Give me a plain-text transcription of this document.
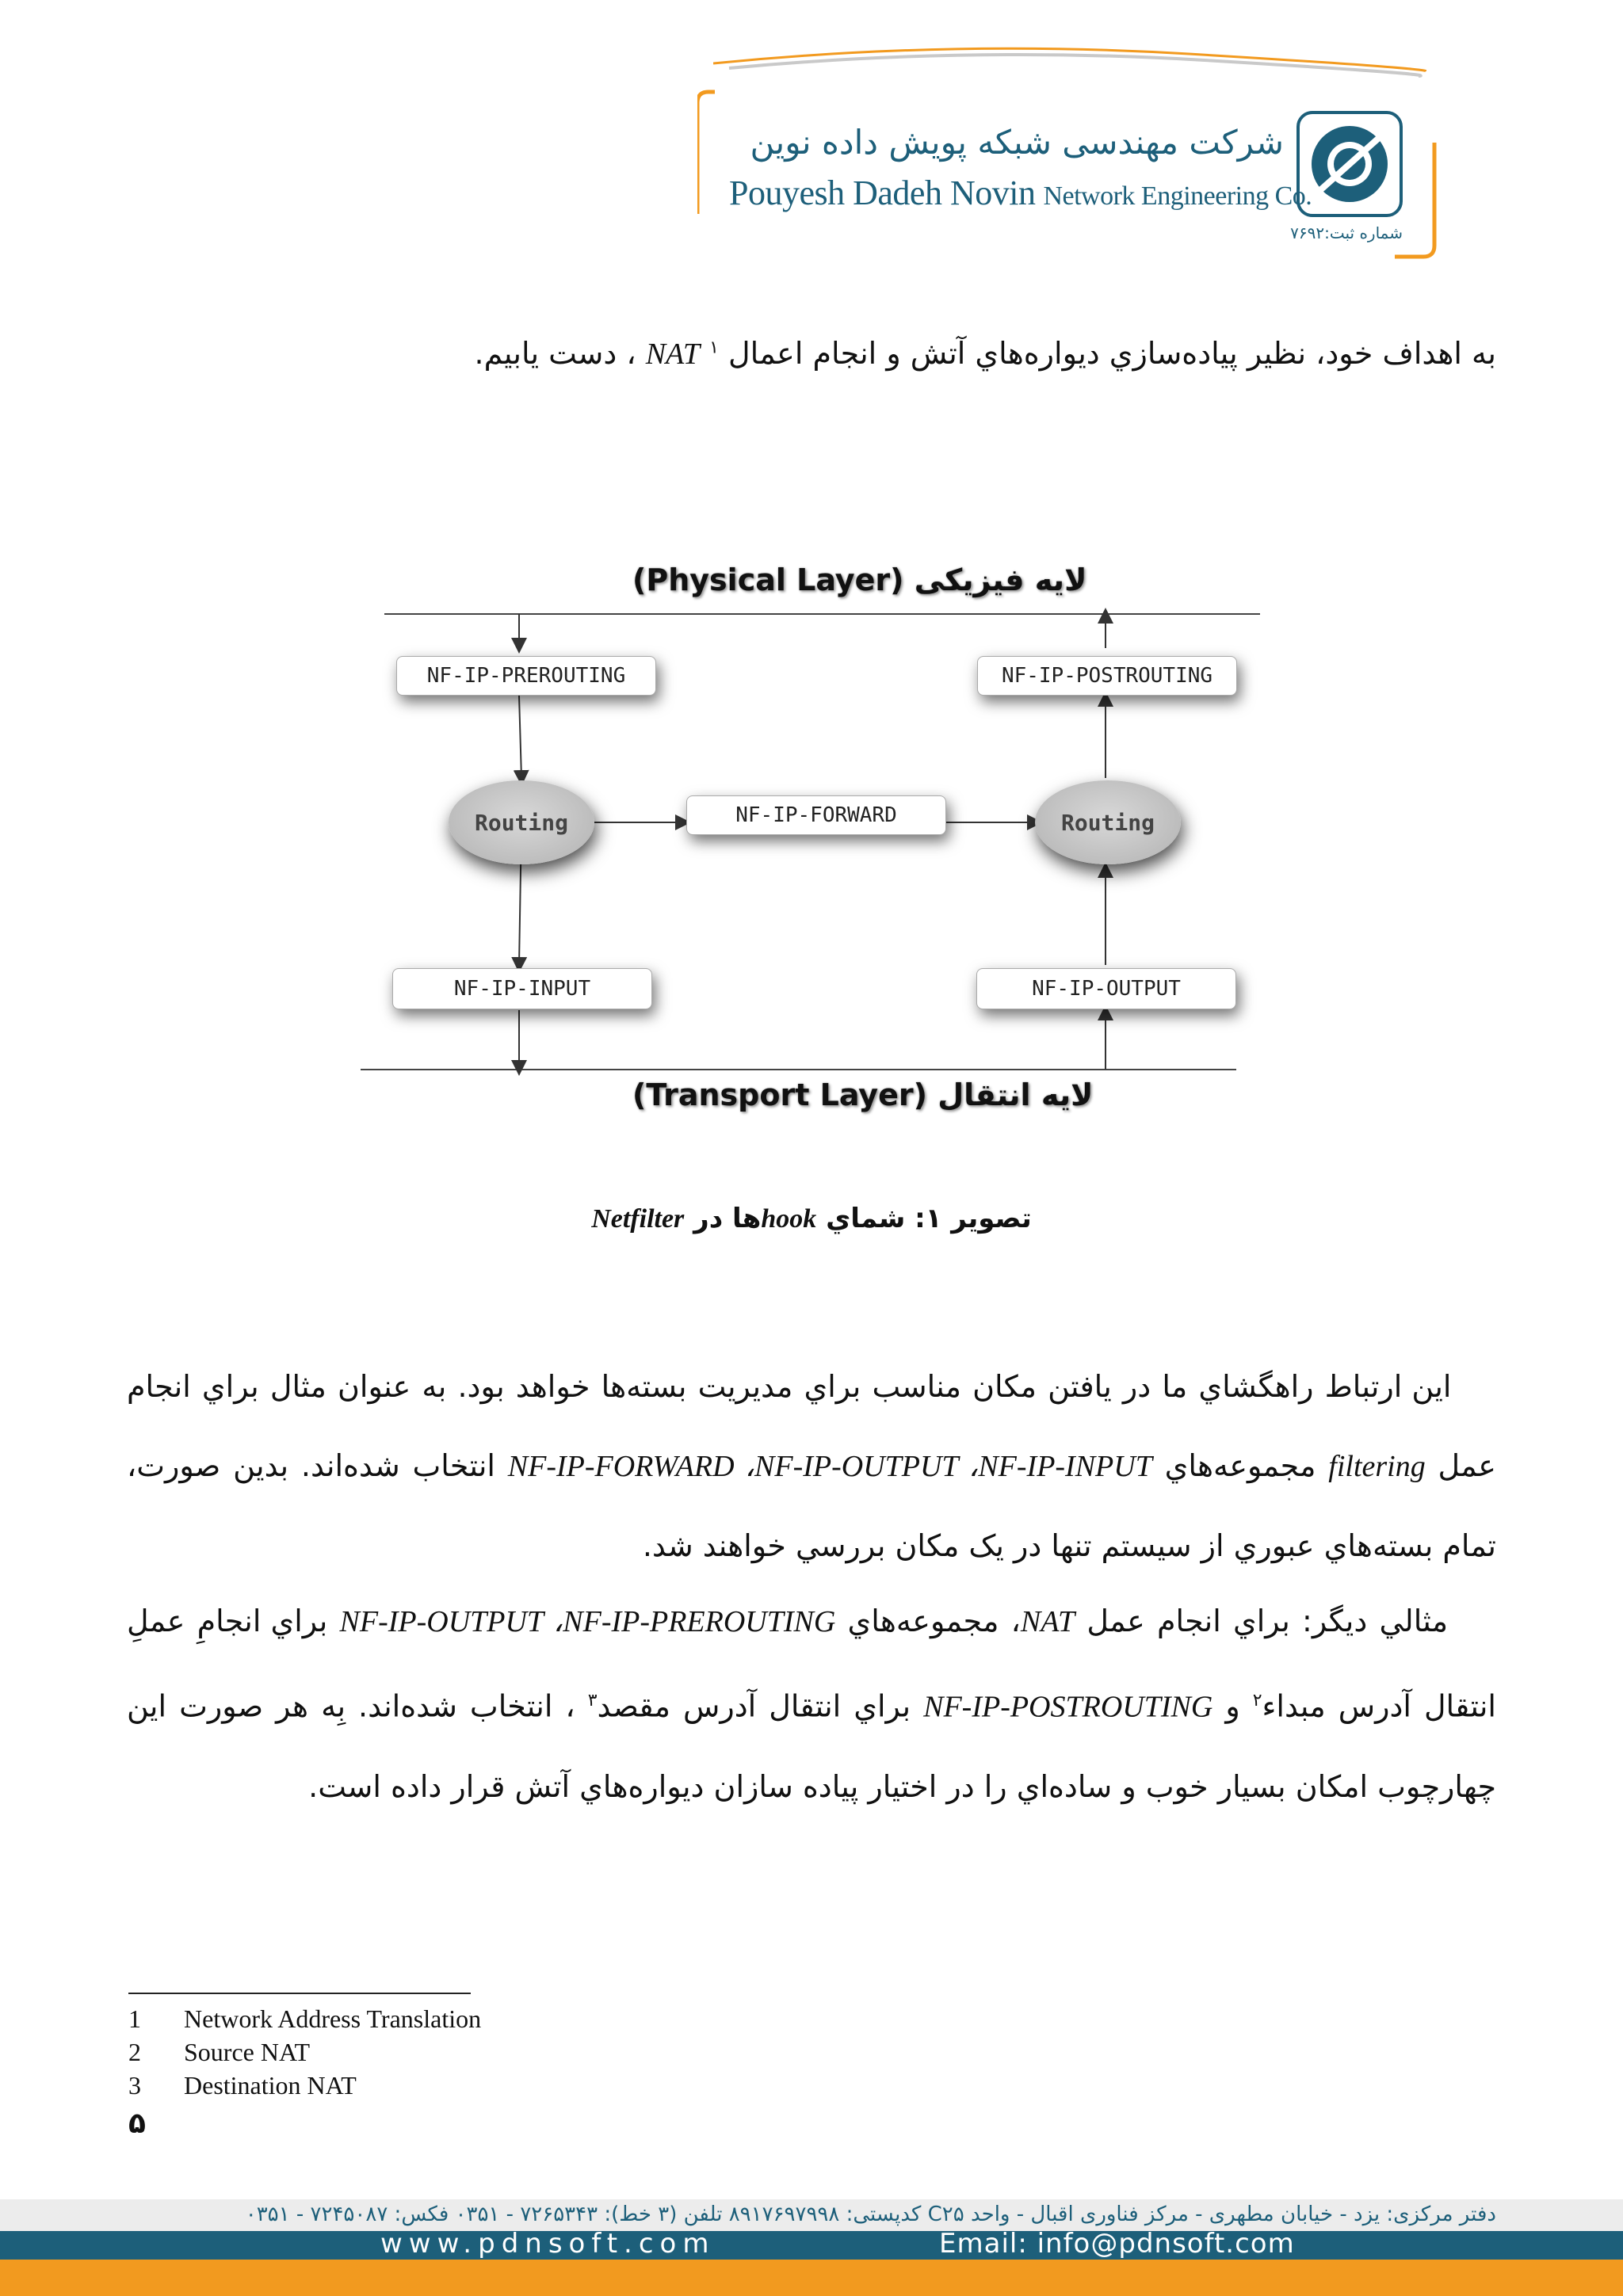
شرکت مهندسی شبکه پویش داده نوین
Pouyesh Dadeh Novin Network Engineering Co.
شماره ثبت:۷۶۹۲
به اهداف خود، نظير پياده‌سازي ديواره‌هاي آتش و انجام اعمال NAT $^۱$ ، دست يابيم.
لایه فیزیکی (Physical Layer)
لایه انتقال (Transport Layer)
NF-IP-PREROUTING	NF-IP-POSTROUTING
Routing	NF-IP-FORWARD	Routing
NF-IP-INPUT	NF-IP-OUTPUT
تصوير ۱: شماي hookها در Netfilter
اين ارتباط راهگشاي ما در يافتن مکان مناسب براي مديريت بسته‌ها خواهد بود. به عنوان مثال براي انجام عمل filtering مجموعه‌هاي NF-IP-FORWARD ،NF-IP-OUTPUT ،NF-IP-INPUT انتخاب شده‌اند. بدين صورت، تمام بسته‌هاي عبوري از سيستم تنها در يک مکان بررسي خواهند شد.
مثالي ديگر: براي انجام عمل NAT، مجموعه‌هاي NF-IP-OUTPUT ،NF-IP-PREROUTING براي انجامِ عملِ انتقال آدرس مبداء$^۲$ و NF-IP-POSTROUTING براي انتقال آدرس مقصد$^۳$ ، انتخاب شده‌اند. بِه هر صورت اين چهارچوب امکان بسيار خوب و ساده‌اي را در اختيار پياده سازان ديواره‌هاي آتش قرار داده است.
1 Network Address Translation
2 Source NAT
3 Destination NAT
۵
دفتر مرکزی: یزد - خیابان مطهری - مرکز فناوری اقبال - واحد C۲۵ کدپستی: ۸۹۱۷۶۹۷۹۹۸ تلفن (۳ خط): ۷۲۶۵۳۴۳ - ۰۳۵۱ فکس: ۷۲۴۵۰۸۷ - ۰۳۵۱
www.pdnsoft.com	Email: info@pdnsoft.com
